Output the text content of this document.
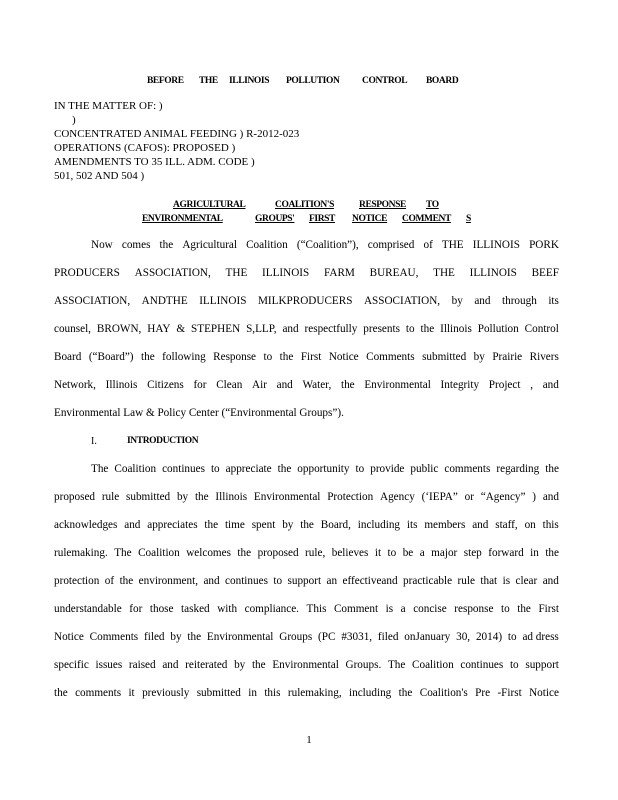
BEFORE THE ILLINOIS POLLUTION CONTROL BOARD
IN THE MATTER OF: )
)
CONCENTRATED ANIMAL FEEDING ) R-2012-023
OPERATIONS (CAFOS): PROPOSED )
AMENDMENTS TO 35 ILL. ADM. CODE )
501, 502 AND 504 )
AGRICULTURAL	COALITION'S	RESPONSE TO
ENVIRONMENTAL	GROUPS' FIRST NOTICE COMMENT S
Now comes the Agricultural Coalition (“Coalition”), comprised of THE ILLINOIS PORK
PRODUCERS ASSOCIATION, THE ILLINOIS FARM BUREAU, THE ILLINOIS BEEF
ASSOCIATION, ANDTHE ILLINOIS MILKPRODUCERS ASSOCIATION, by and through its
counsel, BROWN, HAY & STEPHEN S,LLP, and respectfully presents to the Illinois Pollution Control
Board (“Board”) the following Response to the First Notice Comments submitted by Prairie Rivers
Network, Illinois Citizens for Clean Air and Water, the Environmental Integrity Project , and
Environmental Law & Policy Center (“Environmental Groups”).
I.	INTRODUCTION
The Coalition continues to appreciate the opportunity to provide public comments regarding the
proposed rule submitted by the Illinois Environmental Protection Agency (‘IEPA” or “Agency” ) and
acknowledges and appreciates the time spent by the Board, including its members and staff, on this
rulemaking. The Coalition welcomes the proposed rule, believes it to be a major step forward in the
protection of the environment, and continues to support an effectiveand practicable rule that is clear and
understandable for those tasked with compliance. This Comment is a concise response to the First
Notice Comments filed by the Environmental Groups (PC #3031, filed onJanuary 30, 2014) to ad dress
specific issues raised and reiterated by the Environmental Groups. The Coalition continues to support
the comments it previously submitted in this rulemaking, including the Coalition's Pre -First Notice
1
